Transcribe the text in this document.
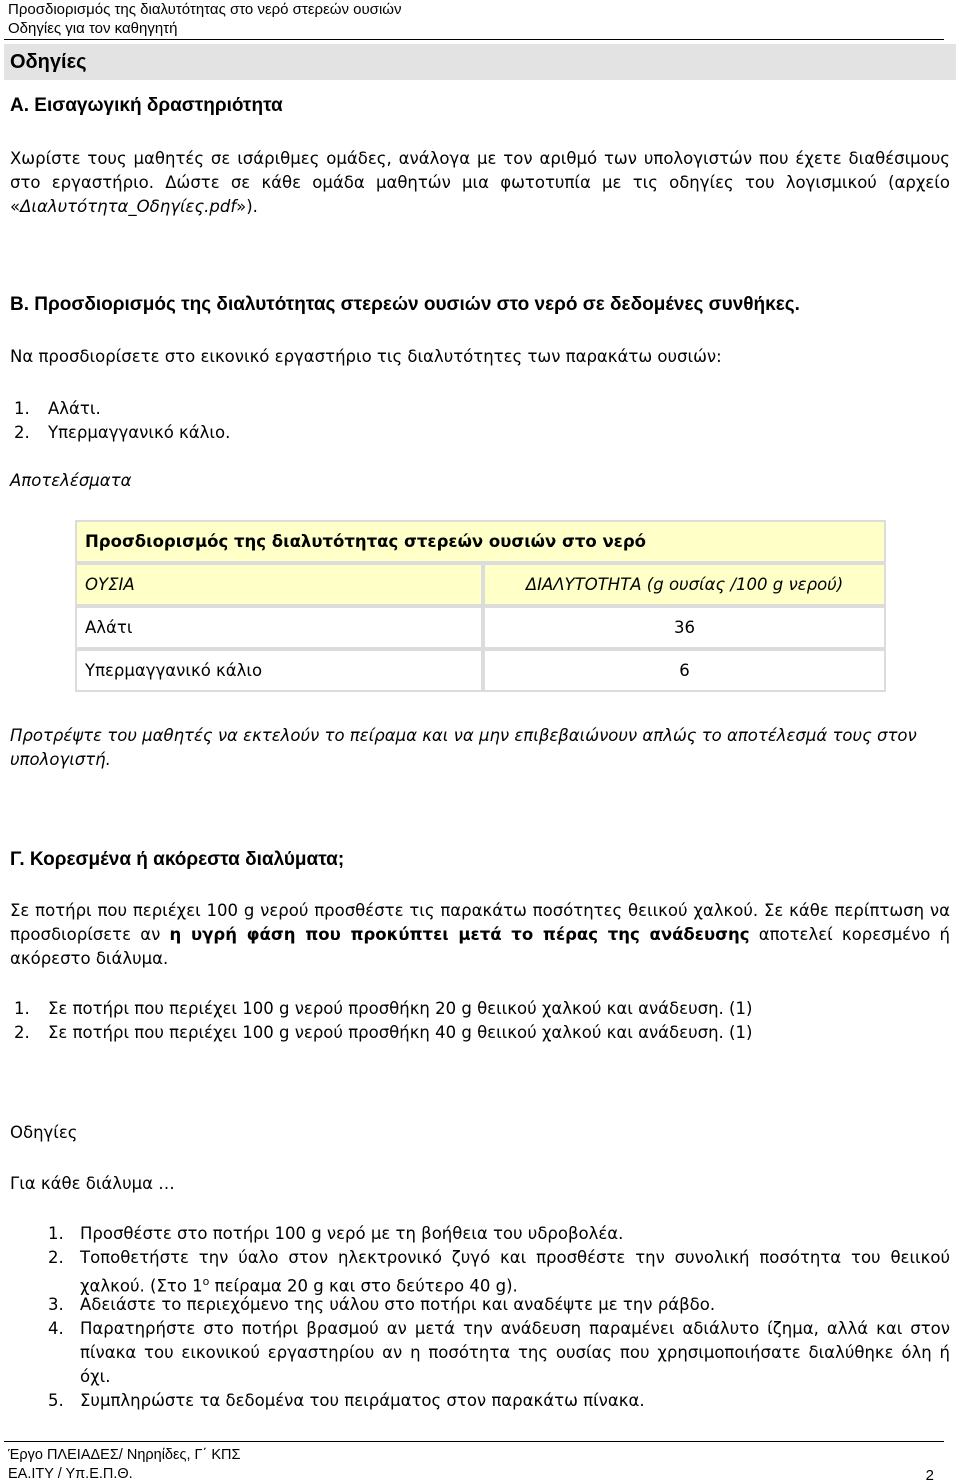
Προσδιορισμός της διαλυτότητας στο νερό στερεών ουσιών
Οδηγίες για τον καθηγητή
Οδηγίες
Α. Εισαγωγική δραστηριότητα
Χωρίστε τους μαθητές σε ισάριθμες ομάδες, ανάλογα με τον αριθμό των υπολογιστών που έχετε διαθέσιμους στο εργαστήριο. Δώστε σε κάθε ομάδα μαθητών μια φωτοτυπία με τις οδηγίες του λογισμικού (αρχείο «Διαλυτότητα_Οδηγίες.pdf»).
Β. Προσδιορισμός της διαλυτότητας στερεών ουσιών στο νερό σε δεδομένες συνθήκες.
Να προσδιορίσετε στο εικονικό εργαστήριο τις διαλυτότητες των παρακάτω ουσιών:
1. Αλάτι.
2. Υπερμαγγανικό κάλιο.
Αποτελέσματα
Προσδιορισμός της διαλυτότητας στερεών ουσιών στο νερό	
ΟΥΣΙΑ	ΔΙΑΛΥΤΟΤΗΤΑ (g ουσίας /100 g νερού)
Αλάτι	36
Υπερμαγγανικό κάλιο	6
Προτρέψτε του μαθητές να εκτελούν το πείραμα και να μην επιβεβαιώνουν απλώς το αποτέλεσμά τους στον υπολογιστή.
Γ. Κορεσμένα ή ακόρεστα διαλύματα;
Σε ποτήρι που περιέχει 100 g νερού προσθέστε τις παρακάτω ποσότητες θειικού χαλκού. Σε κάθε περίπτωση να προσδιορίσετε αν η υγρή φάση που προκύπτει μετά το πέρας της ανάδευσης αποτελεί κορεσμένο ή ακόρεστο διάλυμα.
1. Σε ποτήρι που περιέχει 100 g νερού προσθήκη 20 g θειικού χαλκού και ανάδευση. (1)
2. Σε ποτήρι που περιέχει 100 g νερού προσθήκη 40 g θειικού χαλκού και ανάδευση. (1)
Οδηγίες
Για κάθε διάλυμα …
1. Προσθέστε στο ποτήρι 100 g νερό με τη βοήθεια του υδροβολέα.
2. Τοποθετήστε την ύαλο στον ηλεκτρονικό ζυγό και προσθέστε την συνολική ποσότητα του θειικού χαλκού. (Στο $1^o$ πείραμα 20 g και στο δεύτερο 40 g).
3. Αδειάστε το περιεχόμενο της υάλου στο ποτήρι και αναδέψτε με την ράβδο.
4. Παρατηρήστε στο ποτήρι βρασμού αν μετά την ανάδευση παραμένει αδιάλυτο ίζημα, αλλά και στον πίνακα του εικονικού εργαστηρίου αν η ποσότητα της ουσίας που χρησιμοποιήσατε διαλύθηκε όλη ή όχι.
5. Συμπληρώστε τα δεδομένα του πειράματος στον παρακάτω πίνακα.
Έργο ΠΛΕΙΑΔΕΣ/ Νηρηίδες, Γ΄ ΚΠΣ
ΕΑ.ΙΤΥ / Υπ.Ε.Π.Θ.	2
